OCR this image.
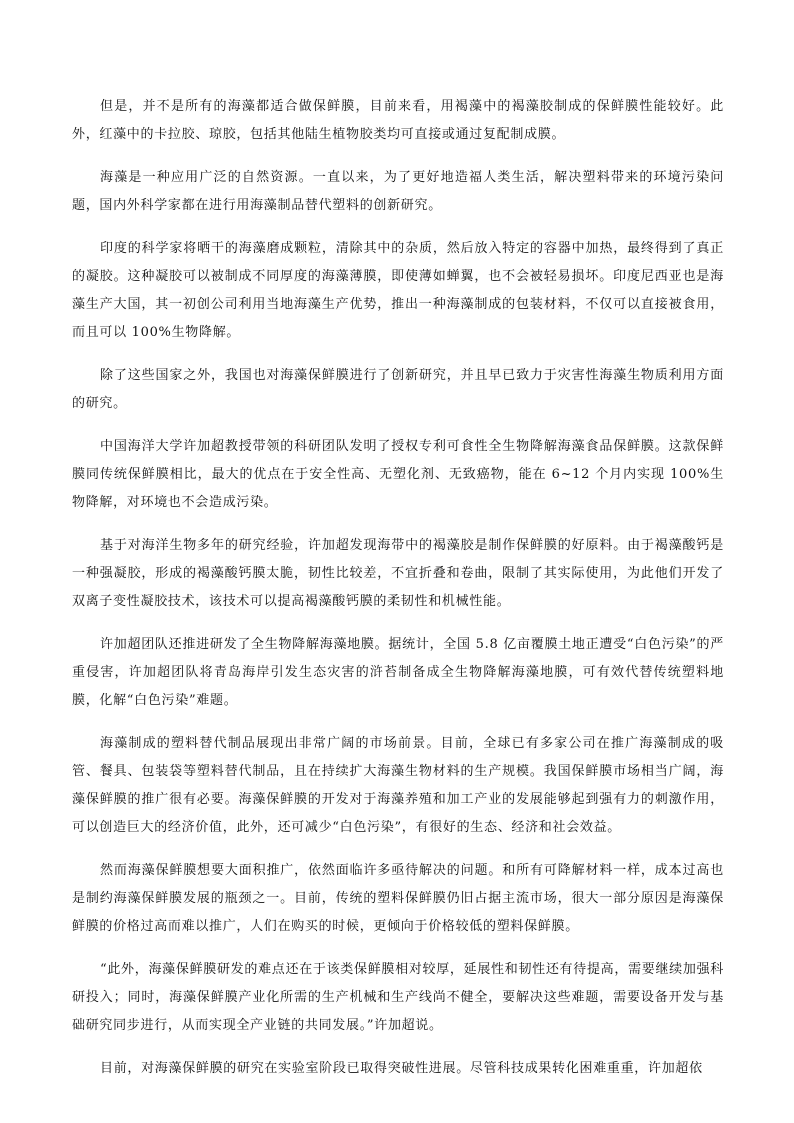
但是，并不是所有的海藻都适合做保鲜膜，目前来看，用褐藻中的褐藻胶制成的保鲜膜性能较好。此外，红藻中的卡拉胶、琼胶，包括其他陆生植物胶类均可直接或通过复配制成膜。

海藻是一种应用广泛的自然资源。一直以来，为了更好地造福人类生活，解决塑料带来的环境污染问题，国内外科学家都在进行用海藻制品替代塑料的创新研究。

印度的科学家将晒干的海藻磨成颗粒，清除其中的杂质，然后放入特定的容器中加热，最终得到了真正的凝胶。这种凝胶可以被制成不同厚度的海藻薄膜，即使薄如蝉翼，也不会被轻易损坏。印度尼西亚也是海藻生产大国，其一初创公司利用当地海藻生产优势，推出一种海藻制成的包装材料，不仅可以直接被食用，而且可以 100%生物降解。

除了这些国家之外，我国也对海藻保鲜膜进行了创新研究，并且早已致力于灾害性海藻生物质利用方面的研究。

中国海洋大学许加超教授带领的科研团队发明了授权专利可食性全生物降解海藻食品保鲜膜。这款保鲜膜同传统保鲜膜相比，最大的优点在于安全性高、无塑化剂、无致癌物，能在 6~12 个月内实现 100%生物降解，对环境也不会造成污染。

基于对海洋生物多年的研究经验，许加超发现海带中的褐藻胶是制作保鲜膜的好原料。由于褐藻酸钙是一种强凝胶，形成的褐藻酸钙膜太脆，韧性比较差，不宜折叠和卷曲，限制了其实际使用，为此他们开发了双离子变性凝胶技术，该技术可以提高褐藻酸钙膜的柔韧性和机械性能。

许加超团队还推进研发了全生物降解海藻地膜。据统计，全国 5.8 亿亩覆膜土地正遭受“白色污染”的严重侵害，许加超团队将青岛海岸引发生态灾害的浒苔制备成全生物降解海藻地膜，可有效代替传统塑料地膜，化解“白色污染”难题。

海藻制成的塑料替代制品展现出非常广阔的市场前景。目前，全球已有多家公司在推广海藻制成的吸管、餐具、包装袋等塑料替代制品，且在持续扩大海藻生物材料的生产规模。我国保鲜膜市场相当广阔，海藻保鲜膜的推广很有必要。海藻保鲜膜的开发对于海藻养殖和加工产业的发展能够起到强有力的刺激作用，可以创造巨大的经济价值，此外，还可减少“白色污染”，有很好的生态、经济和社会效益。

然而海藻保鲜膜想要大面积推广，依然面临许多亟待解决的问题。和所有可降解材料一样，成本过高也是制约海藻保鲜膜发展的瓶颈之一。目前，传统的塑料保鲜膜仍旧占据主流市场，很大一部分原因是海藻保鲜膜的价格过高而难以推广，人们在购买的时候，更倾向于价格较低的塑料保鲜膜。

“此外，海藻保鲜膜研发的难点还在于该类保鲜膜相对较厚，延展性和韧性还有待提高，需要继续加强科研投入；同时，海藻保鲜膜产业化所需的生产机械和生产线尚不健全，要解决这些难题，需要设备开发与基础研究同步进行，从而实现全产业链的共同发展。”许加超说。

目前，对海藻保鲜膜的研究在实验室阶段已取得突破性进展。尽管科技成果转化困难重重，许加超依
